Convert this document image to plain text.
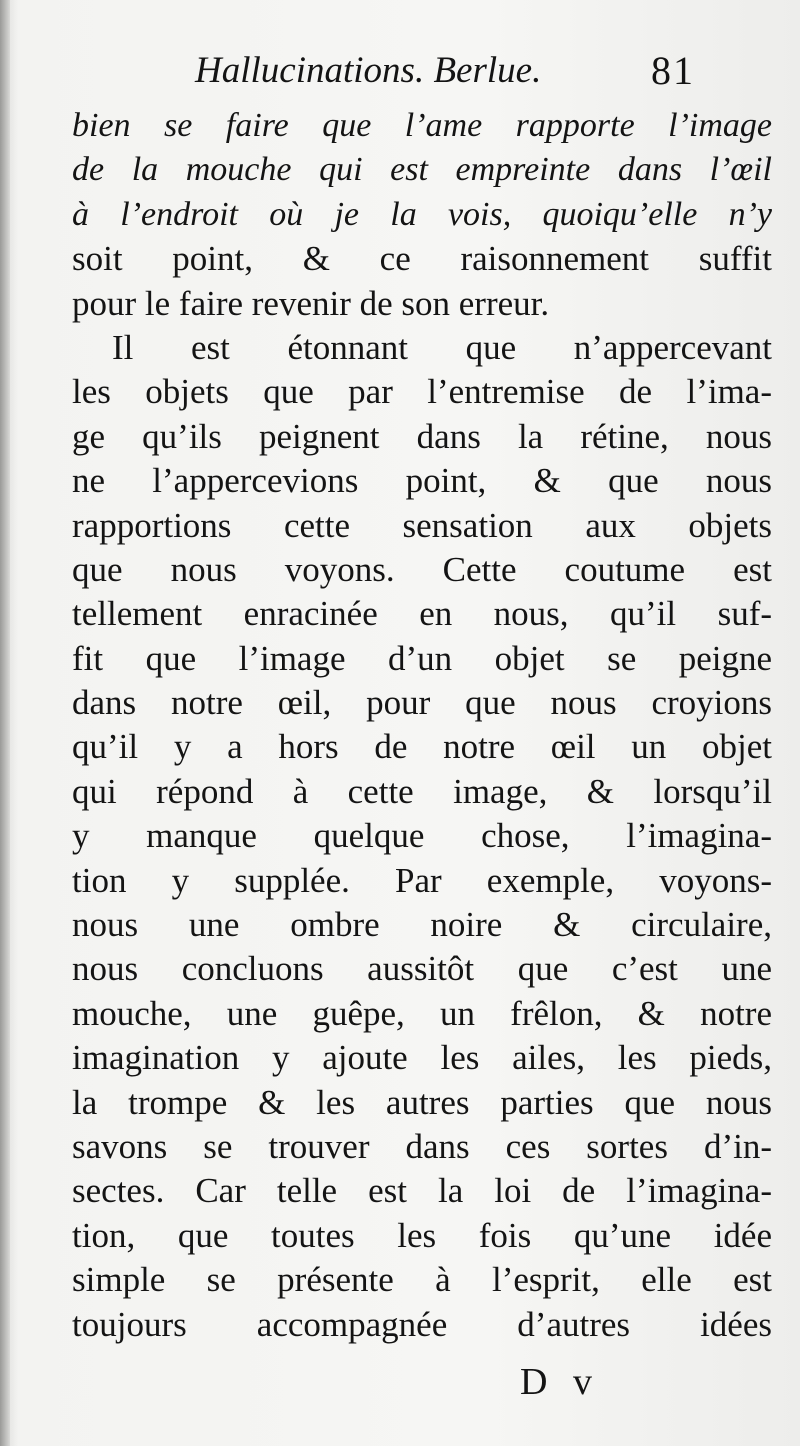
Hallucinations. Berlue.	81
bien se faire que l’ame rapporte l’image
de la mouche qui est empreinte dans l’œil
à l’endroit où je la vois, quoiqu’elle n’y
soit point, & ce raisonnement suffit
pour le faire revenir de son erreur.
Il est étonnant que n’appercevant
les objets que par l’entremise de l’ima-
ge qu’ils peignent dans la rétine, nous
ne l’appercevions point, & que nous
rapportions cette sensation aux objets
que nous voyons. Cette coutume est
tellement enracinée en nous, qu’il suf-
fit que l’image d’un objet se peigne
dans notre œil, pour que nous croyions
qu’il y a hors de notre œil un objet
qui répond à cette image, & lorsqu’il
y manque quelque chose, l’imagina-
tion y supplée. Par exemple, voyons-
nous une ombre noire & circulaire,
nous concluons aussitôt que c’est une
mouche, une guêpe, un frêlon, & notre
imagination y ajoute les ailes, les pieds,
la trompe & les autres parties que nous
savons se trouver dans ces sortes d’in-
sectes. Car telle est la loi de l’imagina-
tion, que toutes les fois qu’une idée
simple se présente à l’esprit, elle est
toujours accompagnée d’autres idées
D v
